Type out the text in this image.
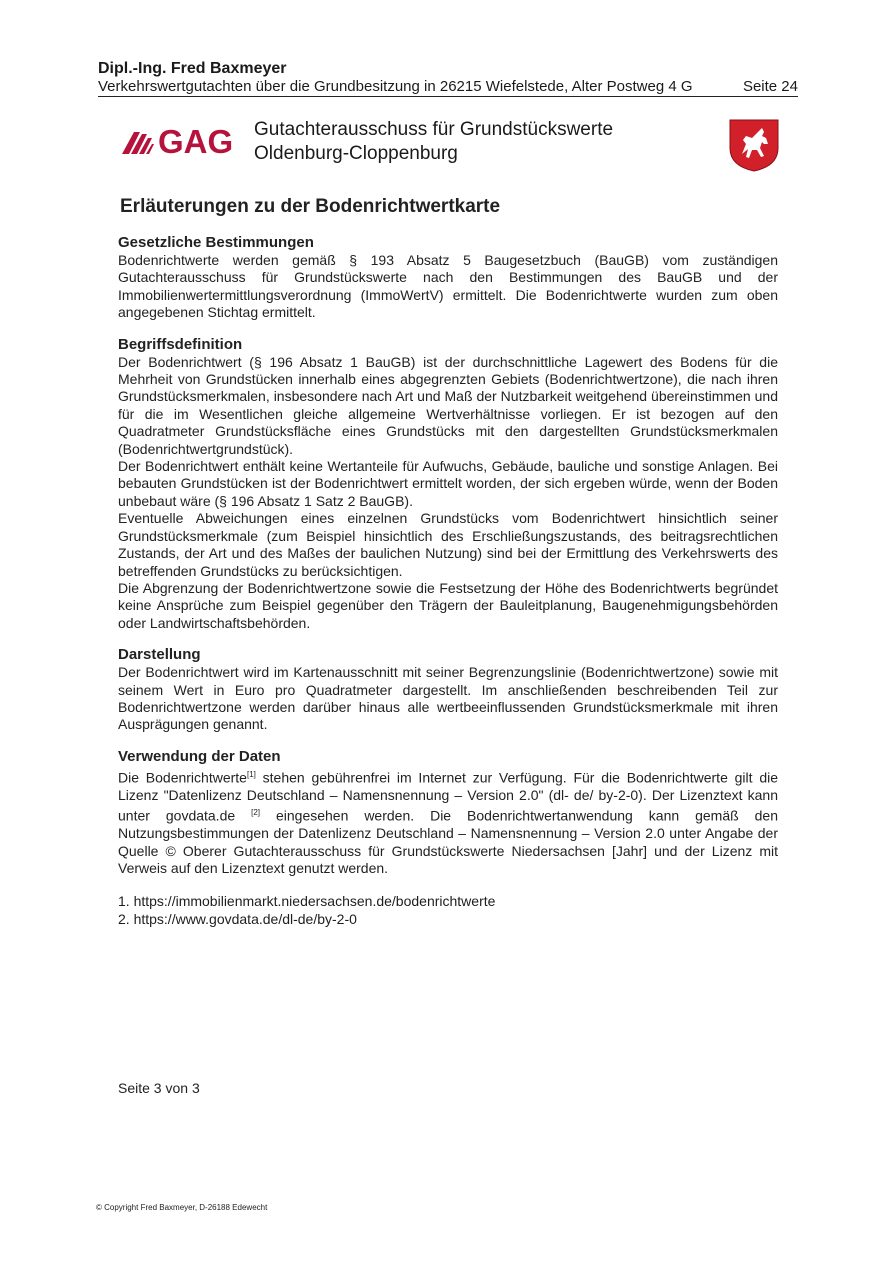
Dipl.-Ing. Fred Baxmeyer
Verkehrswertgutachten über die Grundbesitzung in 26215 Wiefelstede, Alter Postweg 4 G	Seite 24
GAG Gutachterausschuss für Grundstückswerte
Oldenburg-Cloppenburg
Erläuterungen zu der Bodenrichtwertkarte
Gesetzliche Bestimmungen

Bodenrichtwerte werden gemäß § 193 Absatz 5 Baugesetzbuch (BauGB) vom zuständigen Gutachterausschuss für Grundstückswerte nach den Bestimmungen des BauGB und der Immobilienwertermittlungsverordnung (ImmoWertV) ermittelt. Die Bodenrichtwerte wurden zum oben angegebenen Stichtag ermittelt.

Begriffsdefinition

Der Bodenrichtwert (§ 196 Absatz 1 BauGB) ist der durchschnittliche Lagewert des Bodens für die Mehrheit von Grundstücken innerhalb eines abgegrenzten Gebiets (Bodenrichtwertzone), die nach ihren Grundstücksmerkmalen, insbesondere nach Art und Maß der Nutzbarkeit weitgehend übereinstimmen und für die im Wesentlichen gleiche allgemeine Wertverhältnisse vorliegen. Er ist bezogen auf den Quadratmeter Grundstücksfläche eines Grundstücks mit den dargestellten Grundstücksmerkmalen (Bodenrichtwertgrundstück).

Der Bodenrichtwert enthält keine Wertanteile für Aufwuchs, Gebäude, bauliche und sonstige Anlagen. Bei bebauten Grundstücken ist der Bodenrichtwert ermittelt worden, der sich ergeben würde, wenn der Boden unbebaut wäre (§ 196 Absatz 1 Satz 2 BauGB).

Eventuelle Abweichungen eines einzelnen Grundstücks vom Bodenrichtwert hinsichtlich seiner Grundstücksmerkmale (zum Beispiel hinsichtlich des Erschließungszustands, des beitragsrechtlichen Zustands, der Art und des Maßes der baulichen Nutzung) sind bei der Ermittlung des Verkehrswerts des betreffenden Grundstücks zu berücksichtigen.

Die Abgrenzung der Bodenrichtwertzone sowie die Festsetzung der Höhe des Bodenrichtwerts begründet keine Ansprüche zum Beispiel gegenüber den Trägern der Bauleitplanung, Baugenehmigungsbehörden oder Landwirtschaftsbehörden.

Darstellung

Der Bodenrichtwert wird im Kartenausschnitt mit seiner Begrenzungslinie (Bodenrichtwertzone) sowie mit seinem Wert in Euro pro Quadratmeter dargestellt. Im anschließenden beschreibenden Teil zur Bodenrichtwertzone werden darüber hinaus alle wertbeeinflussenden Grundstücksmerkmale mit ihren Ausprägungen genannt.

Verwendung der Daten

Die Bodenrichtwerte[1] stehen gebührenfrei im Internet zur Verfügung. Für die Bodenrichtwerte gilt die Lizenz "Datenlizenz Deutschland – Namensnennung – Version 2.0" (dl- de/ by-2-0). Der Lizenztext kann unter govdata.de [2] eingesehen werden. Die Bodenrichtwertanwendung kann gemäß den Nutzungsbestimmungen der Datenlizenz Deutschland – Namensnennung – Version 2.0 unter Angabe der Quelle © Oberer Gutachterausschuss für Grundstückswerte Niedersachsen [Jahr] und der Lizenz mit Verweis auf den Lizenztext genutzt werden.

1. https://immobilienmarkt.niedersachsen.de/bodenrichtwerte
2. https://www.govdata.de/dl-de/by-2-0
Seite 3 von 3
© Copyright Fred Baxmeyer, D-26188 Edewecht
